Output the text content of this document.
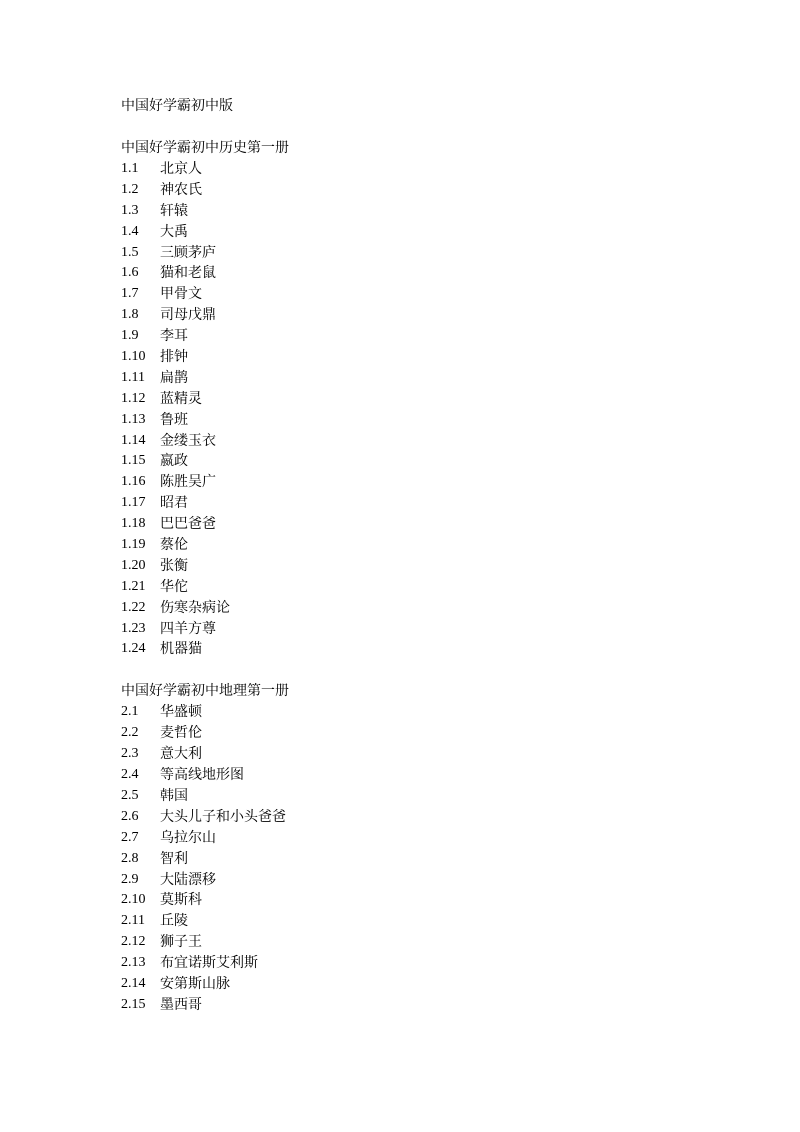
中国好学霸初中版
中国好学霸初中历史第一册
1.1	北京人
1.2	神农氏
1.3	轩辕
1.4	大禹
1.5	三顾茅庐
1.6	猫和老鼠
1.7	甲骨文
1.8	司母戊鼎
1.9	李耳
1.10	排钟
1.11	扁鹊
1.12	蓝精灵
1.13	鲁班
1.14	金缕玉衣
1.15	嬴政
1.16	陈胜吴广
1.17	昭君
1.18	巴巴爸爸
1.19	蔡伦
1.20	张衡
1.21	华佗
1.22	伤寒杂病论
1.23	四羊方尊
1.24	机器猫
中国好学霸初中地理第一册
2.1	华盛顿
2.2	麦哲伦
2.3	意大利
2.4	等高线地形图
2.5	韩国
2.6	大头儿子和小头爸爸
2.7	乌拉尔山
2.8	智利
2.9	大陆漂移
2.10	莫斯科
2.11	丘陵
2.12	狮子王
2.13	布宜诺斯艾利斯
2.14	安第斯山脉
2.15	墨西哥
